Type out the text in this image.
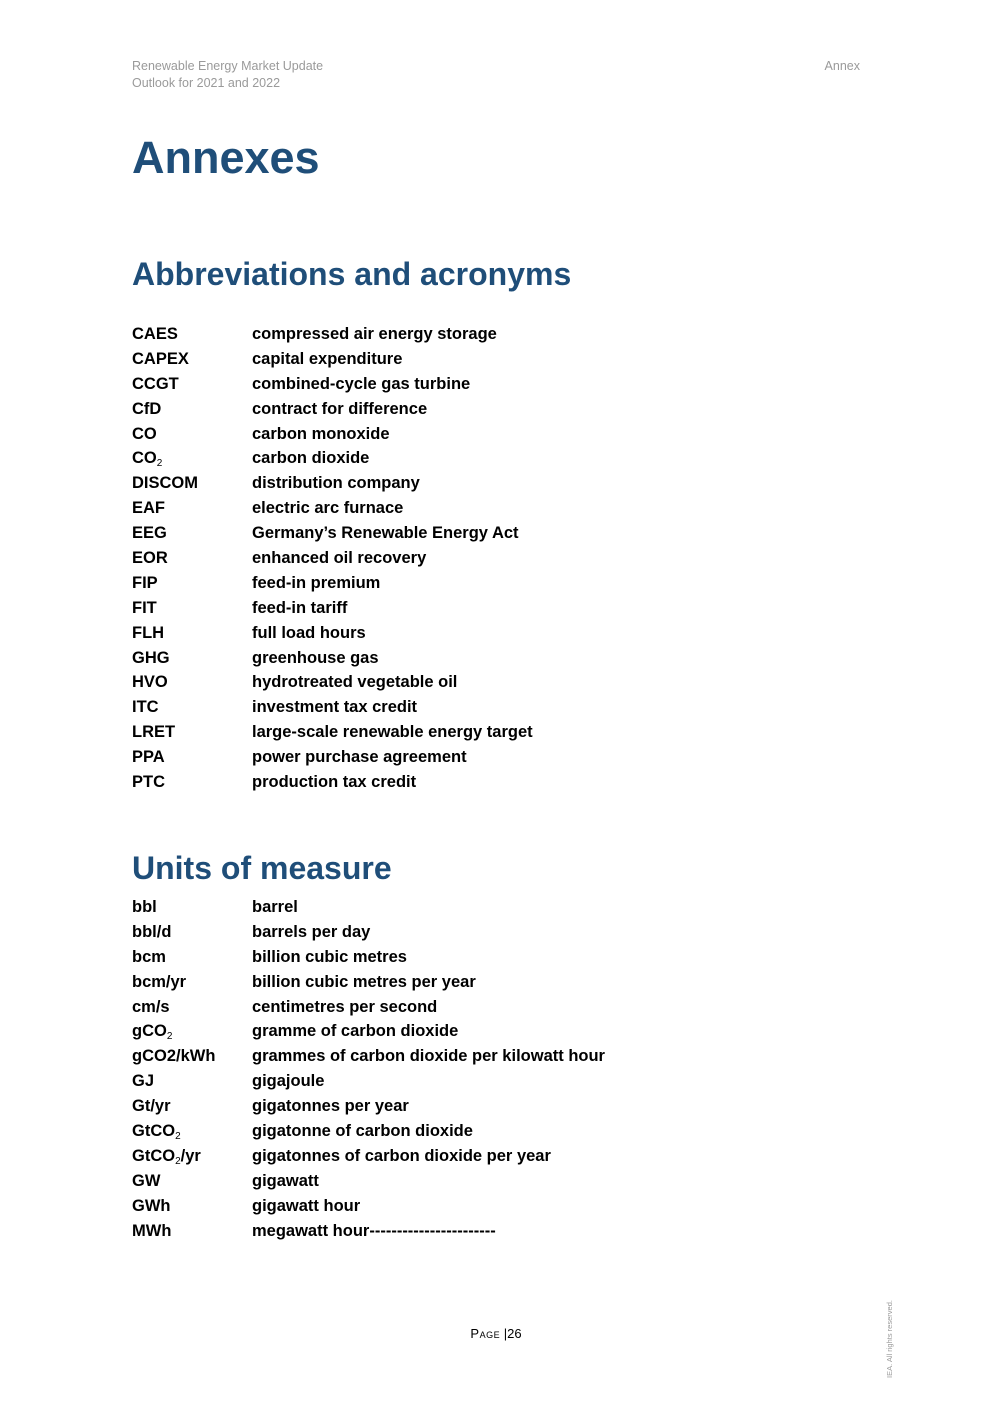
Renewable Energy Market Update
Outlook for 2021 and 2022
Annex
Annexes
Abbreviations and acronyms
CAES	compressed air energy storage
CAPEX	capital expenditure
CCGT	combined-cycle gas turbine
CfD	contract for difference
CO	carbon monoxide
$CO_2$	carbon dioxide
DISCOM	distribution company
EAF	electric arc furnace
EEG	Germany’s Renewable Energy Act
EOR	enhanced oil recovery
FIP	feed-in premium
FIT	feed-in tariff
FLH	full load hours
GHG	greenhouse gas
HVO	hydrotreated vegetable oil
ITC	investment tax credit
LRET	large-scale renewable energy target
PPA	power purchase agreement
PTC	production tax credit
Units of measure
bbl	barrel
bbl/d	barrels per day
bcm	billion cubic metres
bcm/yr	billion cubic metres per year
cm/s	centimetres per second
gCO$_2$	gramme of carbon dioxide
gCO2/kWh	grammes of carbon dioxide per kilowatt hour
GJ	gigajoule
Gt/yr	gigatonnes per year
GtCO$_2$	gigatonne of carbon dioxide
GtCO$_2$/yr	gigatonnes of carbon dioxide per year
GW	gigawatt
GWh	gigawatt hour
MWh	megawatt hour-----------------------
Page |26	IEA. All rights reserved.
